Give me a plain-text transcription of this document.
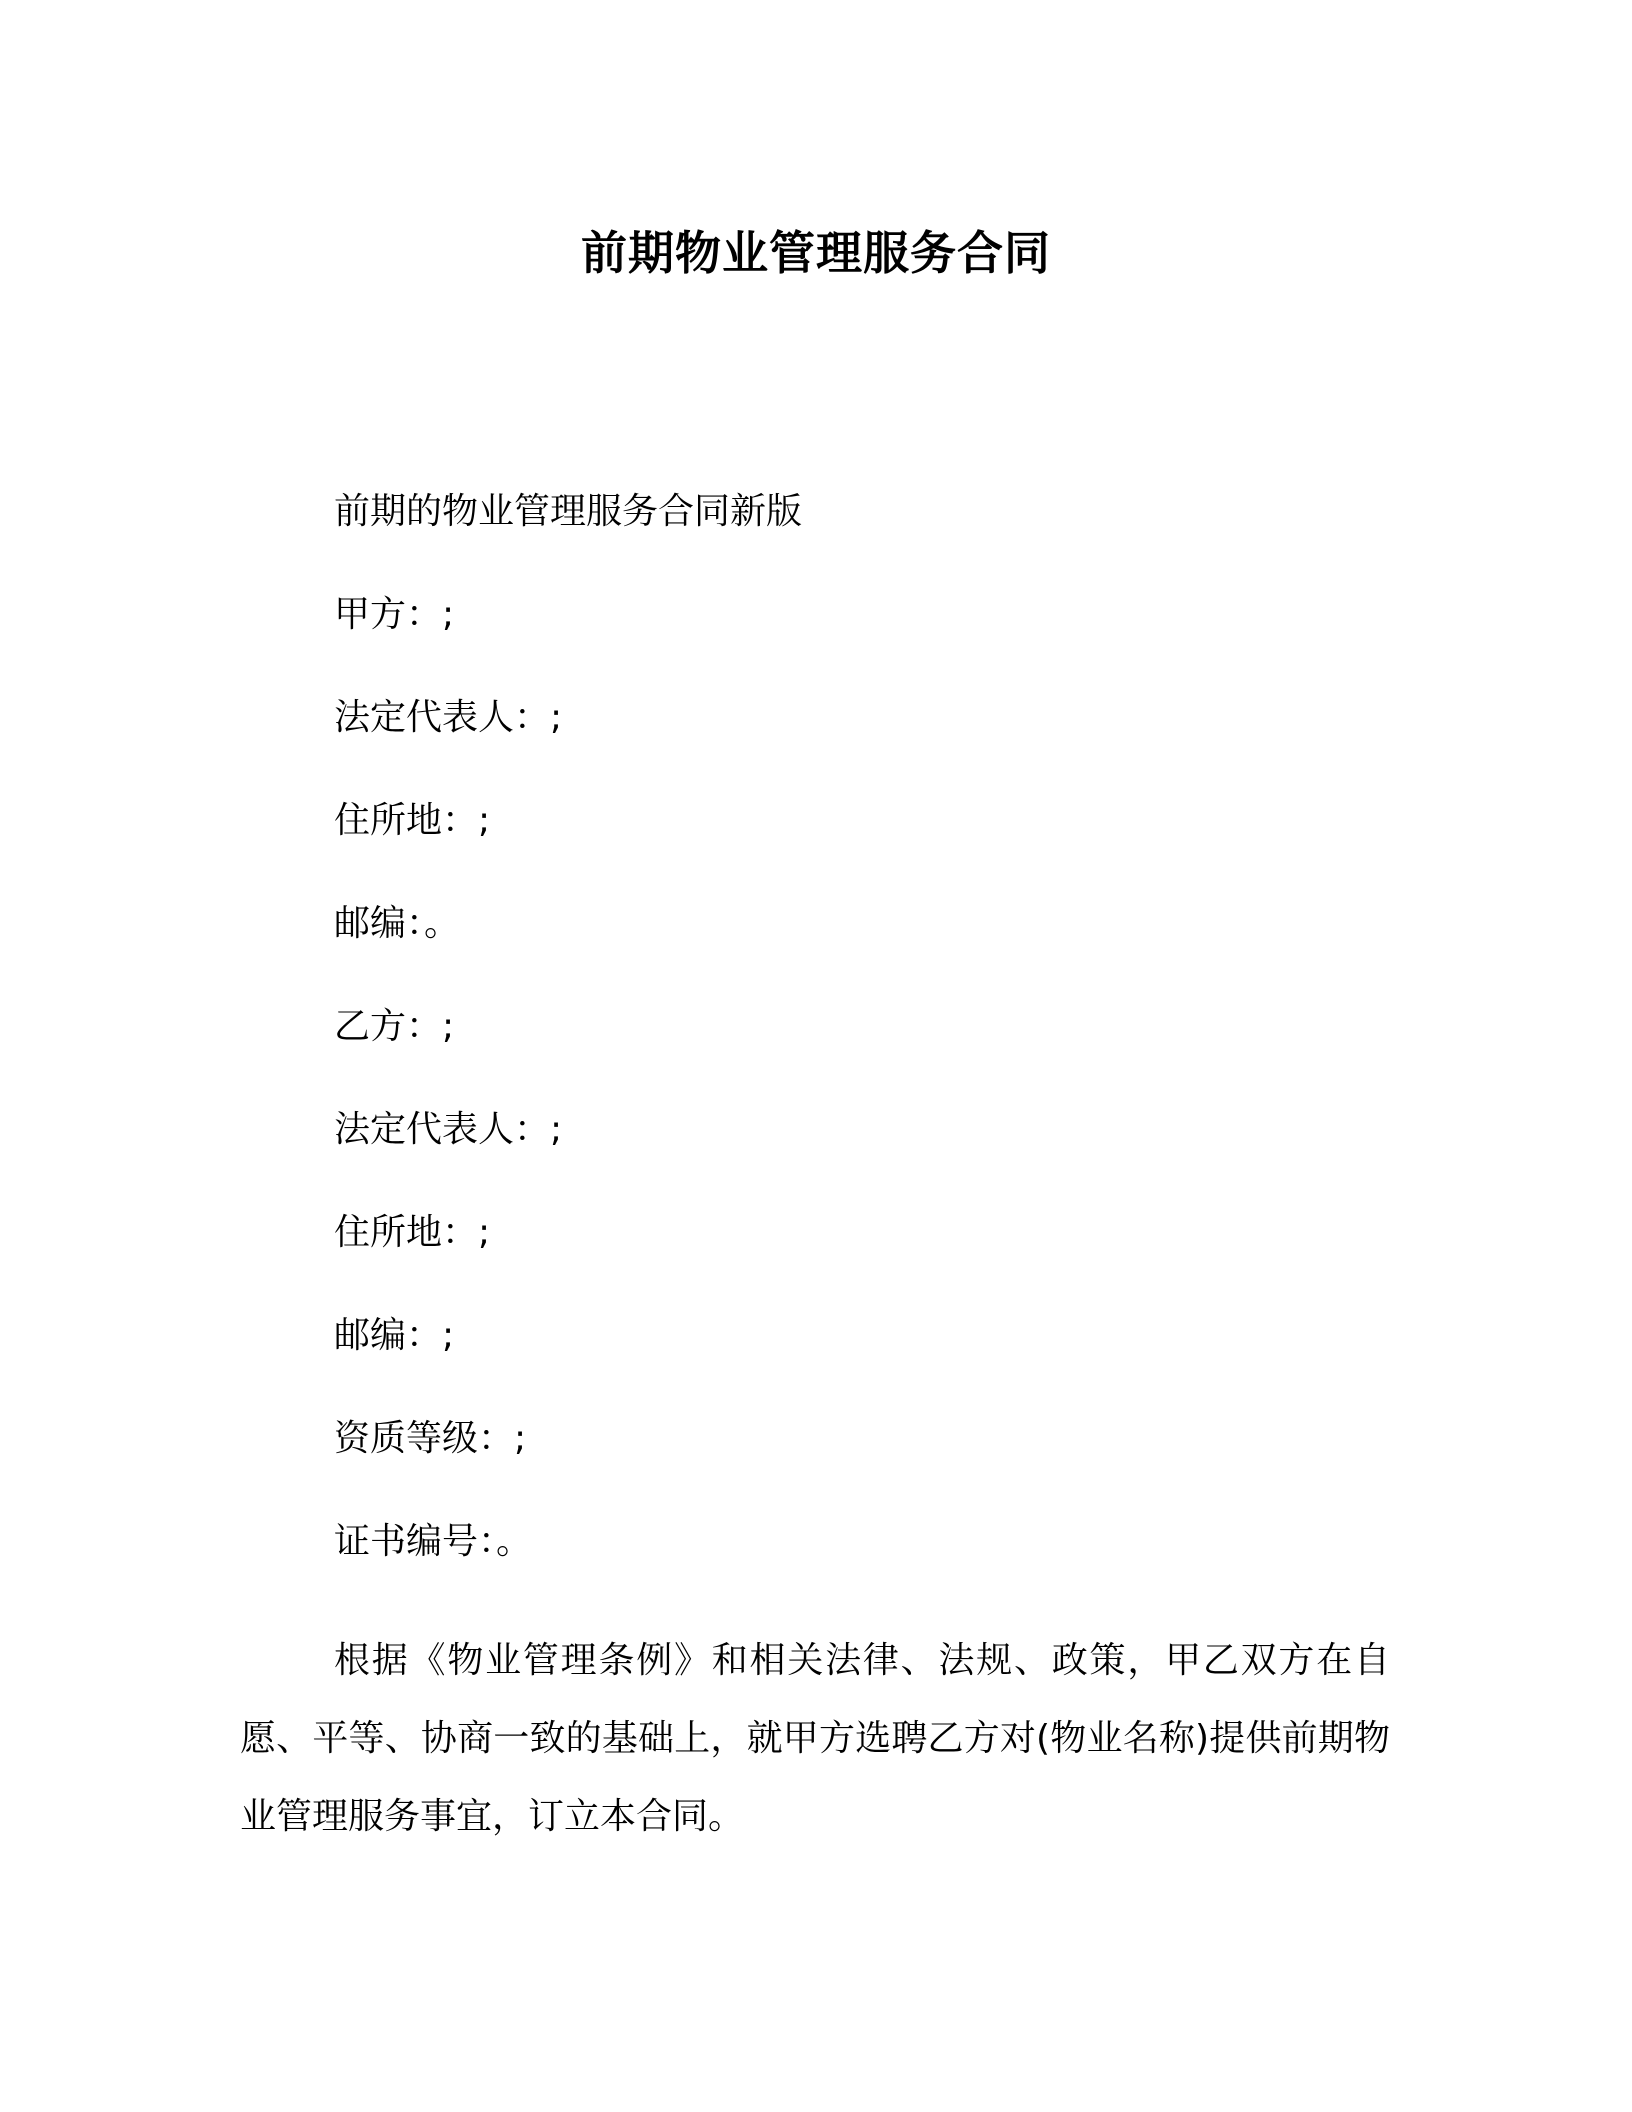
前期物业管理服务合同

前期的物业管理服务合同新版

甲方：;

法定代表人：;

住所地：;

邮编：。

乙方：;

法定代表人：;

住所地：;

邮编：;

资质等级：;

证书编号：。

根据《物业管理条例》和相关法律、法规、政策，甲乙双方在自愿、平等、协商一致的基础上，就甲方选聘乙方对(物业名称)提供前期物业管理服务事宜，订立本合同。
